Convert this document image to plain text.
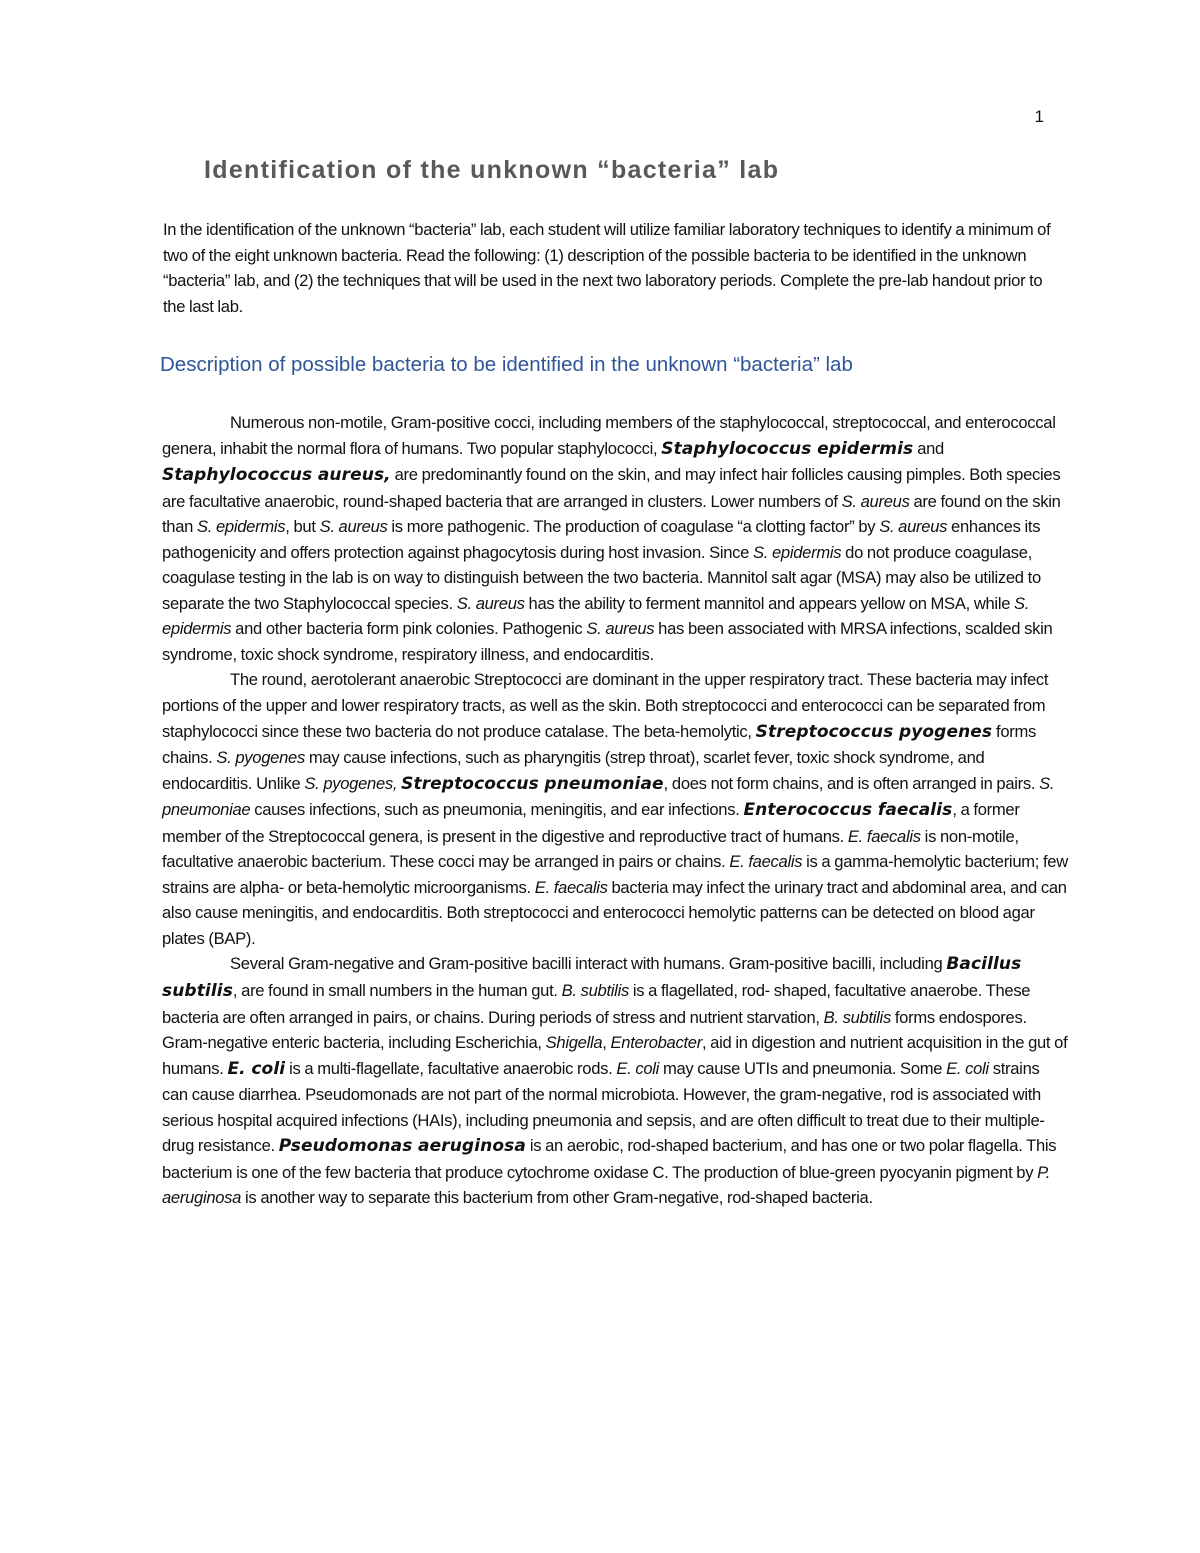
1
Identification of the unknown “bacteria” lab

In the identification of the unknown “bacteria” lab, each student will utilize familiar laboratory techniques to identify a minimum of two of the eight unknown bacteria. Read the following: (1) description of the possible bacteria to be identified in the unknown “bacteria” lab, and (2) the techniques that will be used in the next two laboratory periods. Complete the pre-lab handout prior to the last lab.

Description of possible bacteria to be identified in the unknown “bacteria” lab

Numerous non-motile, Gram-positive cocci, including members of the staphylococcal, streptococcal, and enterococcal genera, inhabit the normal flora of humans. Two popular staphylococci, Staphylococcus epidermis and Staphylococcus aureus, are predominantly found on the skin, and may infect hair follicles causing pimples. Both species are facultative anaerobic, round-shaped bacteria that are arranged in clusters. Lower numbers of S. aureus are found on the skin than S. epidermis, but S. aureus is more pathogenic. The production of coagulase “a clotting factor” by S. aureus enhances its pathogenicity and offers protection against phagocytosis during host invasion. Since S. epidermis do not produce coagulase, coagulase testing in the lab is on way to distinguish between the two bacteria. Mannitol salt agar (MSA) may also be utilized to separate the two Staphylococcal species. S. aureus has the ability to ferment mannitol and appears yellow on MSA, while S. epidermis and other bacteria form pink colonies. Pathogenic S. aureus has been associated with MRSA infections, scalded skin syndrome, toxic shock syndrome, respiratory illness, and endocarditis.

The round, aerotolerant anaerobic Streptococci are dominant in the upper respiratory tract. These bacteria may infect portions of the upper and lower respiratory tracts, as well as the skin. Both streptococci and enterococci can be separated from staphylococci since these two bacteria do not produce catalase. The beta-hemolytic, Streptococcus pyogenes forms chains. S. pyogenes may cause infections, such as pharyngitis (strep throat), scarlet fever, toxic shock syndrome, and endocarditis. Unlike S. pyogenes, Streptococcus pneumoniae, does not form chains, and is often arranged in pairs. S. pneumoniae causes infections, such as pneumonia, meningitis, and ear infections. Enterococcus faecalis, a former member of the Streptococcal genera, is present in the digestive and reproductive tract of humans. E. faecalis is non-motile, facultative anaerobic bacterium. These cocci may be arranged in pairs or chains. E. faecalis is a gamma-hemolytic bacterium; few strains are alpha- or beta-hemolytic microorganisms. E. faecalis bacteria may infect the urinary tract and abdominal area, and can also cause meningitis, and endocarditis. Both streptococci and enterococci hemolytic patterns can be detected on blood agar plates (BAP).

Several Gram-negative and Gram-positive bacilli interact with humans. Gram-positive bacilli, including Bacillus subtilis, are found in small numbers in the human gut. B. subtilis is a flagellated, rod- shaped, facultative anaerobe. These bacteria are often arranged in pairs, or chains. During periods of stress and nutrient starvation, B. subtilis forms endospores. Gram-negative enteric bacteria, including Escherichia, Shigella, Enterobacter, aid in digestion and nutrient acquisition in the gut of humans. E. coli is a multi-flagellate, facultative anaerobic rods. E. coli may cause UTIs and pneumonia. Some E. coli strains can cause diarrhea. Pseudomonads are not part of the normal microbiota. However, the gram-negative, rod is associated with serious hospital acquired infections (HAIs), including pneumonia and sepsis, and are often difficult to treat due to their multiple-drug resistance. Pseudomonas aeruginosa is an aerobic, rod-shaped bacterium, and has one or two polar flagella. This bacterium is one of the few bacteria that produce cytochrome oxidase C. The production of blue-green pyocyanin pigment by P. aeruginosa is another way to separate this bacterium from other Gram-negative, rod-shaped bacteria.
